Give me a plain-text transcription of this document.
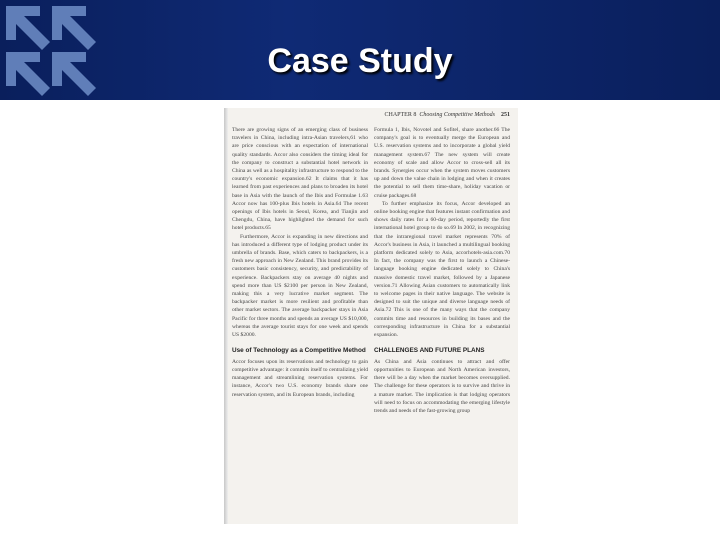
Case Study
CHAPTER 8 Choosing Competitive Methods 251

There are growing signs of an emerging class of business travelers in China, including intra-Asian travelers,61 who are price conscious with an expectation of international quality standards. Accor also considers the timing ideal for the company to construct a substantial hotel network in China as well as a hospitality infrastructure to respond to the country's economic expansion.62 It claims that it has learned from past experiences and plans to broaden its hotel base in Asia with the launch of the Ibis and Formulae 1.63 Accor now has 100-plus Ibis hotels in Asia.64 The recent openings of Ibis hotels in Seoul, Korea, and Tianjin and Chengdu, China, have highlighted the demand for such hotel products.65

Furthermore, Accor is expanding in new directions and has introduced a different type of lodging product under its umbrella of brands. Base, which caters to backpackers, is a fresh new approach in New Zealand. This brand provides its customers basic consistency, security, and predictability of experience. Backpackers stay on average 40 nights and spend more than US $2100 per person in New Zealand, making this a very lucrative market segment. The backpacker market is more resilient and profitable than other market sectors. The average backpacker stays in Asia Pacific for three months and spends an average US $10,000, whereas the average tourist stays for one week and spends US $2000.

Use of Technology as a Competitive Method

Accor focuses upon its reservations and technology to gain competitive advantage: it commits itself to centralizing yield management and streamlining reservation systems. For instance, Accor's two U.S. economy brands share one reservation system, and its European brands, including

Formula 1, Ibis, Novotel and Sofitel, share another.66 The company's goal is to eventually merge the European and U.S. reservation systems and to incorporate a global yield management system.67 The new system will create economy of scale and allow Accor to cross-sell all its brands. Synergies occur when the system moves customers up and down the value chain in lodging and when it creates the potential to sell them time-share, holiday vacation or cruise packages.68

To further emphasize its focus, Accor developed an online booking engine that features instant confirmation and shows daily rates for a 60-day period, reportedly the first international hotel group to do so.69 In 2002, in recognizing that the intraregional travel market represents 70% of Accor's business in Asia, it launched a multilingual booking platform dedicated solely to Asia, accorhotels-asia.com.70 In fact, the company was the first to launch a Chinese-language booking engine dedicated solely to China's massive domestic travel market, followed by a Japanese version.71 Allowing Asian customers to automatically link to welcome pages in their native language. The website is designed to suit the unique and diverse language needs of Asia.72 This is one of the many ways that the company commits time and resources in building its bases and the corresponding infrastructure in China for a substantial expansion.

CHALLENGES AND FUTURE PLANS

As China and Asia continues to attract and offer opportunities to European and North American investors, there will be a day when the market becomes oversupplied. The challenge for these operators is to survive and thrive in a mature market. The implication is that lodging operators will need to focus on accommodating the emerging lifestyle trends and needs of the fast-growing group
